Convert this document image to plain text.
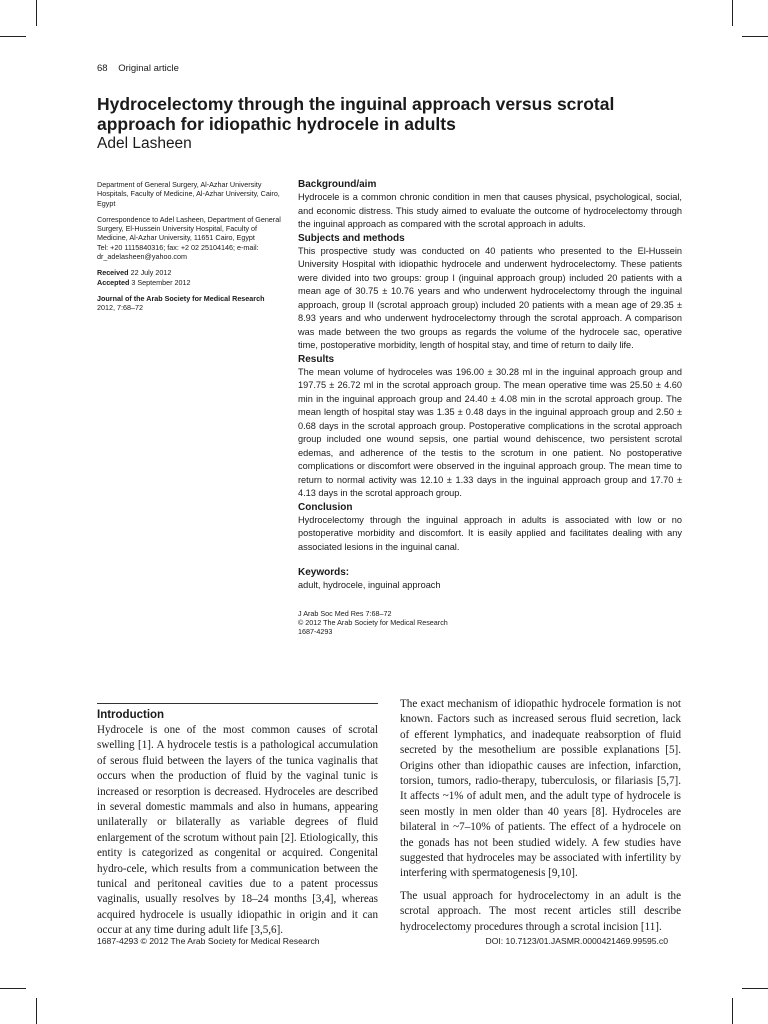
68 Original article
Hydrocelectomy through the inguinal approach versus scrotal approach for idiopathic hydrocele in adults
Adel Lasheen

Department of General Surgery, Al-Azhar University Hospitals, Faculty of Medicine, Al-Azhar University, Cairo, Egypt

Correspondence to Adel Lasheen, Department of General Surgery, El-Hussein University Hospital, Faculty of Medicine, Al-Azhar University, 11651 Cairo, Egypt
Tel: +20 1115840316; fax: +2 02 25104146; e-mail: dr_adelasheen@yahoo.com

Received 22 July 2012
Accepted 3 September 2012

Journal of the Arab Society for Medical Research
2012, 7:68–72

Background/aim

Hydrocele is a common chronic condition in men that causes physical, psychological, social, and economic distress. This study aimed to evaluate the outcome of hydrocelectomy through the inguinal approach as compared with the scrotal approach in adults.

Subjects and methods

This prospective study was conducted on 40 patients who presented to the El-Hussein University Hospital with idiopathic hydrocele and underwent hydrocelectomy. These patients were divided into two groups: group I (inguinal approach group) included 20 patients with a mean age of 30.75 ± 10.76 years and who underwent hydrocelectomy through the inguinal approach, group II (scrotal approach group) included 20 patients with a mean age of 29.35 ± 8.93 years and who underwent hydrocelectomy through the scrotal approach. A comparison was made between the two groups as regards the volume of the hydrocele sac, operative time, postoperative morbidity, length of hospital stay, and time of return to daily life.

Results

The mean volume of hydroceles was 196.00 ± 30.28 ml in the inguinal approach group and 197.75 ± 26.72 ml in the scrotal approach group. The mean operative time was 25.50 ± 4.60 min in the inguinal approach group and 24.40 ± 4.08 min in the scrotal approach group. The mean length of hospital stay was 1.35 ± 0.48 days in the inguinal approach group and 2.50 ± 0.68 days in the scrotal approach group. Postoperative complications in the scrotal approach group included one wound sepsis, one partial wound dehiscence, two persistent scrotal edemas, and adherence of the testis to the scrotum in one patient. No postoperative complications or discomfort were observed in the inguinal approach group. The mean time to return to normal activity was 12.10 ± 1.33 days in the inguinal approach group and 17.70 ± 4.13 days in the scrotal approach group.

Conclusion

Hydrocelectomy through the inguinal approach in adults is associated with low or no postoperative morbidity and discomfort. It is easily applied and facilitates dealing with any associated lesions in the inguinal canal.

Keywords:

adult, hydrocele, inguinal approach

J Arab Soc Med Res 7:68–72
© 2012 The Arab Society for Medical Research
1687-4293
Introduction

Hydrocele is one of the most common causes of scrotal swelling [1]. A hydrocele testis is a pathological accumulation of serous fluid between the layers of the tunica vaginalis that occurs when the production of fluid by the vaginal tunic is increased or resorption is decreased. Hydroceles are described in several domestic mammals and also in humans, appearing unilaterally or bilaterally as variable degrees of fluid enlargement of the scrotum without pain [2]. Etiologically, this entity is categorized as congenital or acquired. Congenital hydro-cele, which results from a communication between the tunical and peritoneal cavities due to a patent processus vaginalis, usually resolves by 18–24 months [3,4], whereas acquired hydrocele is usually idiopathic in origin and it can occur at any time during adult life [3,5,6].

The exact mechanism of idiopathic hydrocele formation is not known. Factors such as increased serous fluid secretion, lack of efferent lymphatics, and inadequate reabsorption of fluid secreted by the mesothelium are possible explanations [5]. Origins other than idiopathic causes are infection, infarction, torsion, tumors, radio-therapy, tuberculosis, or filariasis [5,7]. It affects ~1% of adult men, and the adult type of hydrocele is seen mostly in men older than 40 years [8]. Hydroceles are bilateral in ~7–10% of patients. The effect of a hydrocele on the gonads has not been studied widely. A few studies have suggested that hydroceles may be associated with infertility by interfering with spermatogenesis [9,10].

The usual approach for hydrocelectomy in an adult is the scrotal approach. The most recent articles still describe hydrocelectomy procedures through a scrotal incision [11].

1687-4293 © 2012 The Arab Society for Medical Research	DOI: 10.7123/01.JASMR.0000421469.99595.c0
